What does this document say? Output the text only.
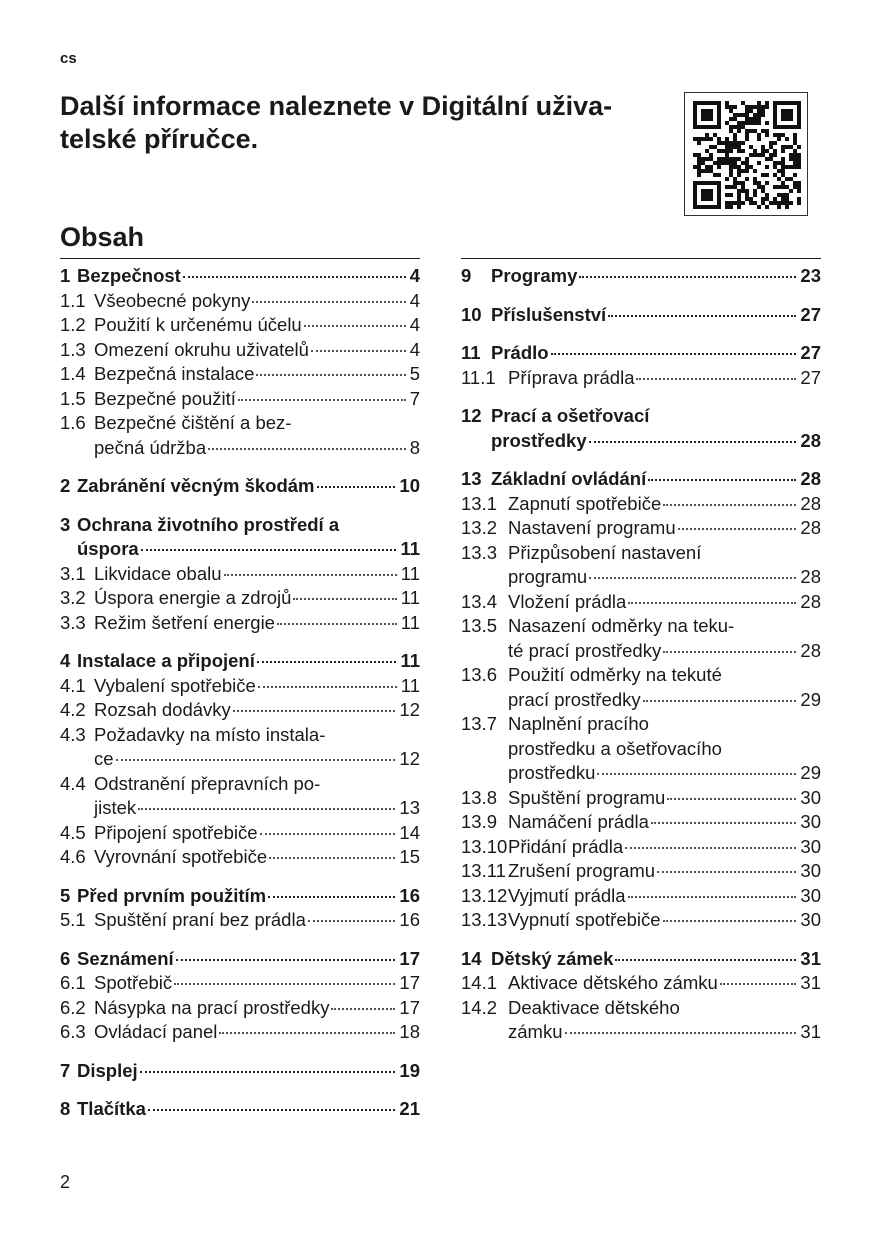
cs
Další informace naleznete v Digitální uživa-telské příručce.
Obsah
1 Bezpečnost	4
1.1 Všeobecné pokyny	4
1.2 Použití k určenému účelu	4
1.3 Omezení okruhu uživatelů	4
1.4 Bezpečná instalace	5
1.5 Bezpečné použití	7
1.6 Bezpečné čištění a bez-
pečná údržba	8
2 Zabránění věcným škodám	10
3 Ochrana životního prostředí a
úspora	11
3.1 Likvidace obalu	11
3.2 Úspora energie a zdrojů	11
3.3 Režim šetření energie	11
4 Instalace a připojení	11
4.1 Vybalení spotřebiče	11
4.2 Rozsah dodávky	12
4.3 Požadavky na místo instala-
ce	12
4.4 Odstranění přepravních po-
jistek	13
4.5 Připojení spotřebiče	14
4.6 Vyrovnání spotřebiče	15
5 Před prvním použitím	16
5.1 Spuštění praní bez prádla	16
6 Seznámení	17
6.1 Spotřebič	17
6.2 Násypka na prací prostředky	17
6.3 Ovládací panel	18
7 Displej	19
8 Tlačítka	21
9	Programy	23
10 Příslušenství	27
11 Prádlo	27
11.1 Příprava prádla	27
12 Prací a ošetřovací
prostředky	28
13 Základní ovládání	28
13.1 Zapnutí spotřebiče	28
13.2 Nastavení programu	28
13.3 Přizpůsobení nastavení
programu	28
13.4 Vložení prádla	28
13.5 Nasazení odměrky na teku-
té prací prostředky	28
13.6 Použití odměrky na tekuté
prací prostředky	29
13.7 Naplnění pracího
prostředku a ošetřovacího
prostředku	29
13.8 Spuštění programu	30
13.9 Namáčení prádla	30
13.10 Přidání prádla	30
13.11 Zrušení programu	30
13.12 Vyjmutí prádla	30
13.13 Vypnutí spotřebiče	30
14 Dětský zámek	31
14.1 Aktivace dětského zámku	31
14.2 Deaktivace dětského
zámku	31
2
